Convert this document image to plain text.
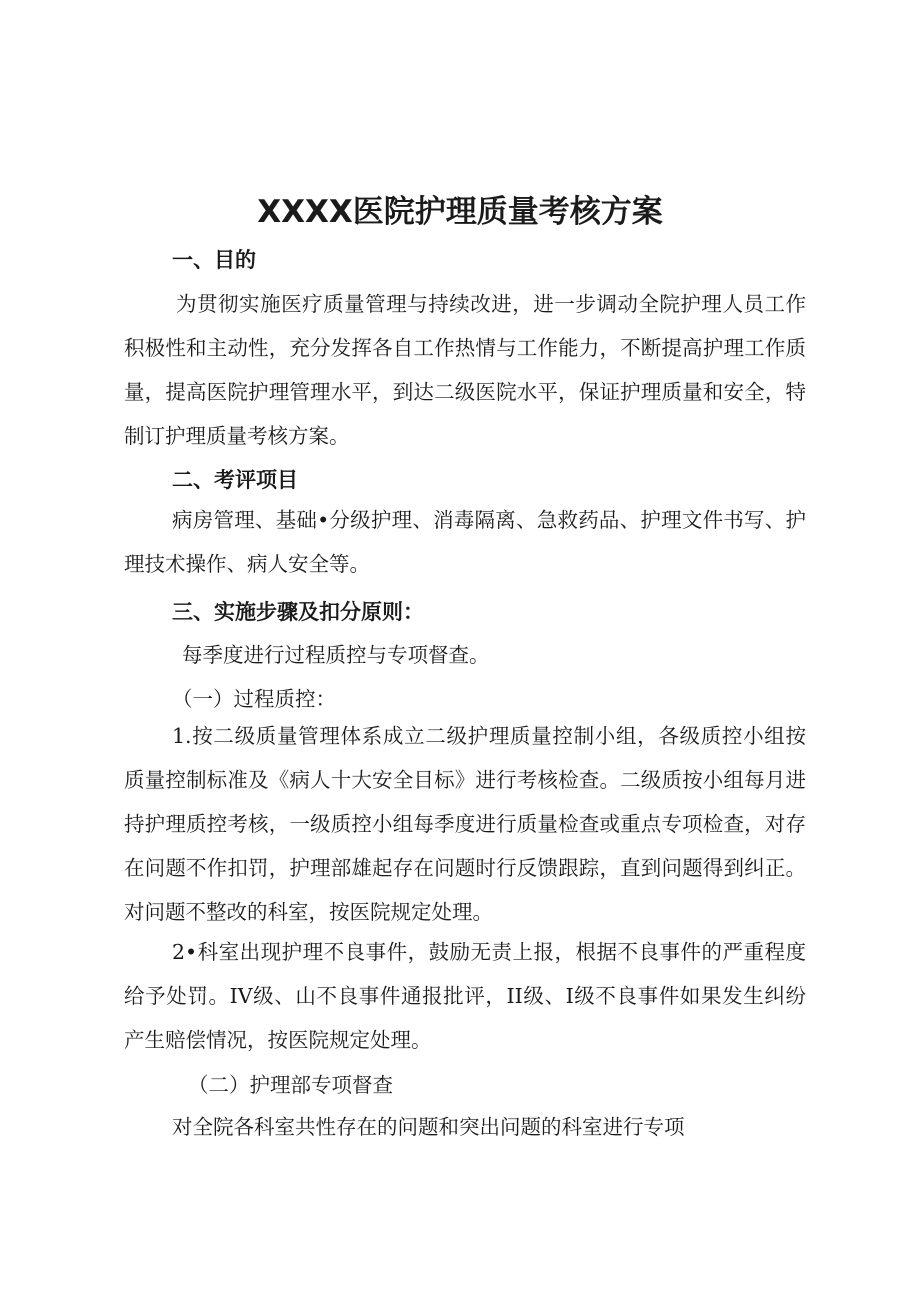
XXXX医院护理质量考核方案
一、目的

为贯彻实施医疗质量管理与持续改进，进一步调动全院护理人员工作积极性和主动性，充分发挥各自工作热情与工作能力，不断提高护理工作质量，提高医院护理管理水平，到达二级医院水平，保证护理质量和安全，特制订护理质量考核方案。

二、考评项目

病房管理、基础•分级护理、消毒隔离、急救药品、护理文件书写、护理技术操作、病人安全等。

三、实施步骤及扣分原则：

每季度进行过程质控与专项督查。

（一）过程质控：

1.按二级质量管理体系成立二级护理质量控制小组，各级质控小组按质量控制标准及《病人十大安全目标》进行考核检查。二级质按小组每月进持护理质控考核，一级质控小组每季度进行质量检查或重点专项检查，对存在问题不作扣罚，护理部雄起存在问题时行反馈跟踪，直到问题得到纠正。对问题不整改的科室，按医院规定处理。

2•科室出现护理不良事件，鼓励无责上报，根据不良事件的严重程度给予处罚。IV级、山不良事件通报批评，II级、I级不良事件如果发生纠纷产生赔偿情况，按医院规定处理。

（二）护理部专项督查

对全院各科室共性存在的问题和突出问题的科室进行专项
